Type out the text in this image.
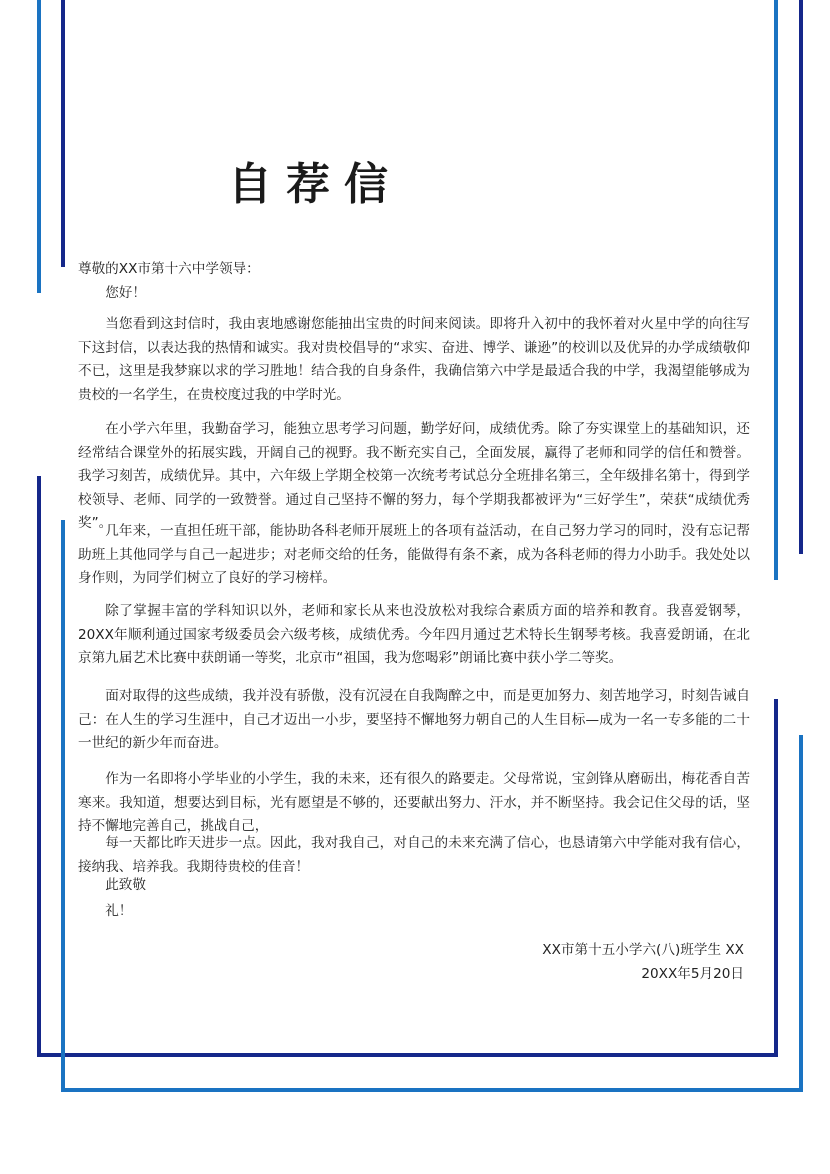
自荐信
尊敬的XX市第十六中学领导：
您好！
当您看到这封信时，我由衷地感谢您能抽出宝贵的时间来阅读。即将升入初中的我怀着对火星中学的向往写下这封信，以表达我的热情和诚实。我对贵校倡导的“求实、奋进、博学、谦逊”的校训以及优异的办学成绩敬仰不已，这里是我梦寐以求的学习胜地！结合我的自身条件，我确信第六中学是最适合我的中学，我渴望能够成为贵校的一名学生，在贵校度过我的中学时光。
在小学六年里，我勤奋学习，能独立思考学习问题，勤学好问，成绩优秀。除了夯实课堂上的基础知识，还经常结合课堂外的拓展实践，开阔自己的视野。我不断充实自己，全面发展，赢得了老师和同学的信任和赞誉。我学习刻苦，成绩优异。其中，六年级上学期全校第一次统考考试总分全班排名第三，全年级排名第十，得到学校领导、老师、同学的一致赞誉。通过自己坚持不懈的努力，每个学期我都被评为“三好学生”，荣获“成绩优秀奖”。
几年来，一直担任班干部，能协助各科老师开展班上的各项有益活动，在自己努力学习的同时，没有忘记帮助班上其他同学与自己一起进步；对老师交给的任务，能做得有条不紊，成为各科老师的得力小助手。我处处以身作则，为同学们树立了良好的学习榜样。
除了掌握丰富的学科知识以外，老师和家长从来也没放松对我综合素质方面的培养和教育。我喜爱钢琴，20XX年顺利通过国家考级委员会六级考核，成绩优秀。今年四月通过艺术特长生钢琴考核。我喜爱朗诵，在北京第九届艺术比赛中获朗诵一等奖，北京市“祖国，我为您喝彩”朗诵比赛中获小学二等奖。
面对取得的这些成绩，我并没有骄傲，没有沉浸在自我陶醉之中，而是更加努力、刻苦地学习，时刻告诫自己：在人生的学习生涯中，自己才迈出一小步，要坚持不懈地努力朝自己的人生目标—成为一名一专多能的二十一世纪的新少年而奋进。
作为一名即将小学毕业的小学生，我的未来，还有很久的路要走。父母常说，宝剑锋从磨砺出，梅花香自苦寒来。我知道，想要达到目标，光有愿望是不够的，还要献出努力、汗水，并不断坚持。我会记住父母的话，坚持不懈地完善自己，挑战自己，
每一天都比昨天进步一点。因此，我对我自己，对自己的未来充满了信心，也恳请第六中学能对我有信心，接纳我、培养我。我期待贵校的佳音！
此致敬
礼！
XX市第十五小学六(八)班学生 XX
20XX年5月20日
